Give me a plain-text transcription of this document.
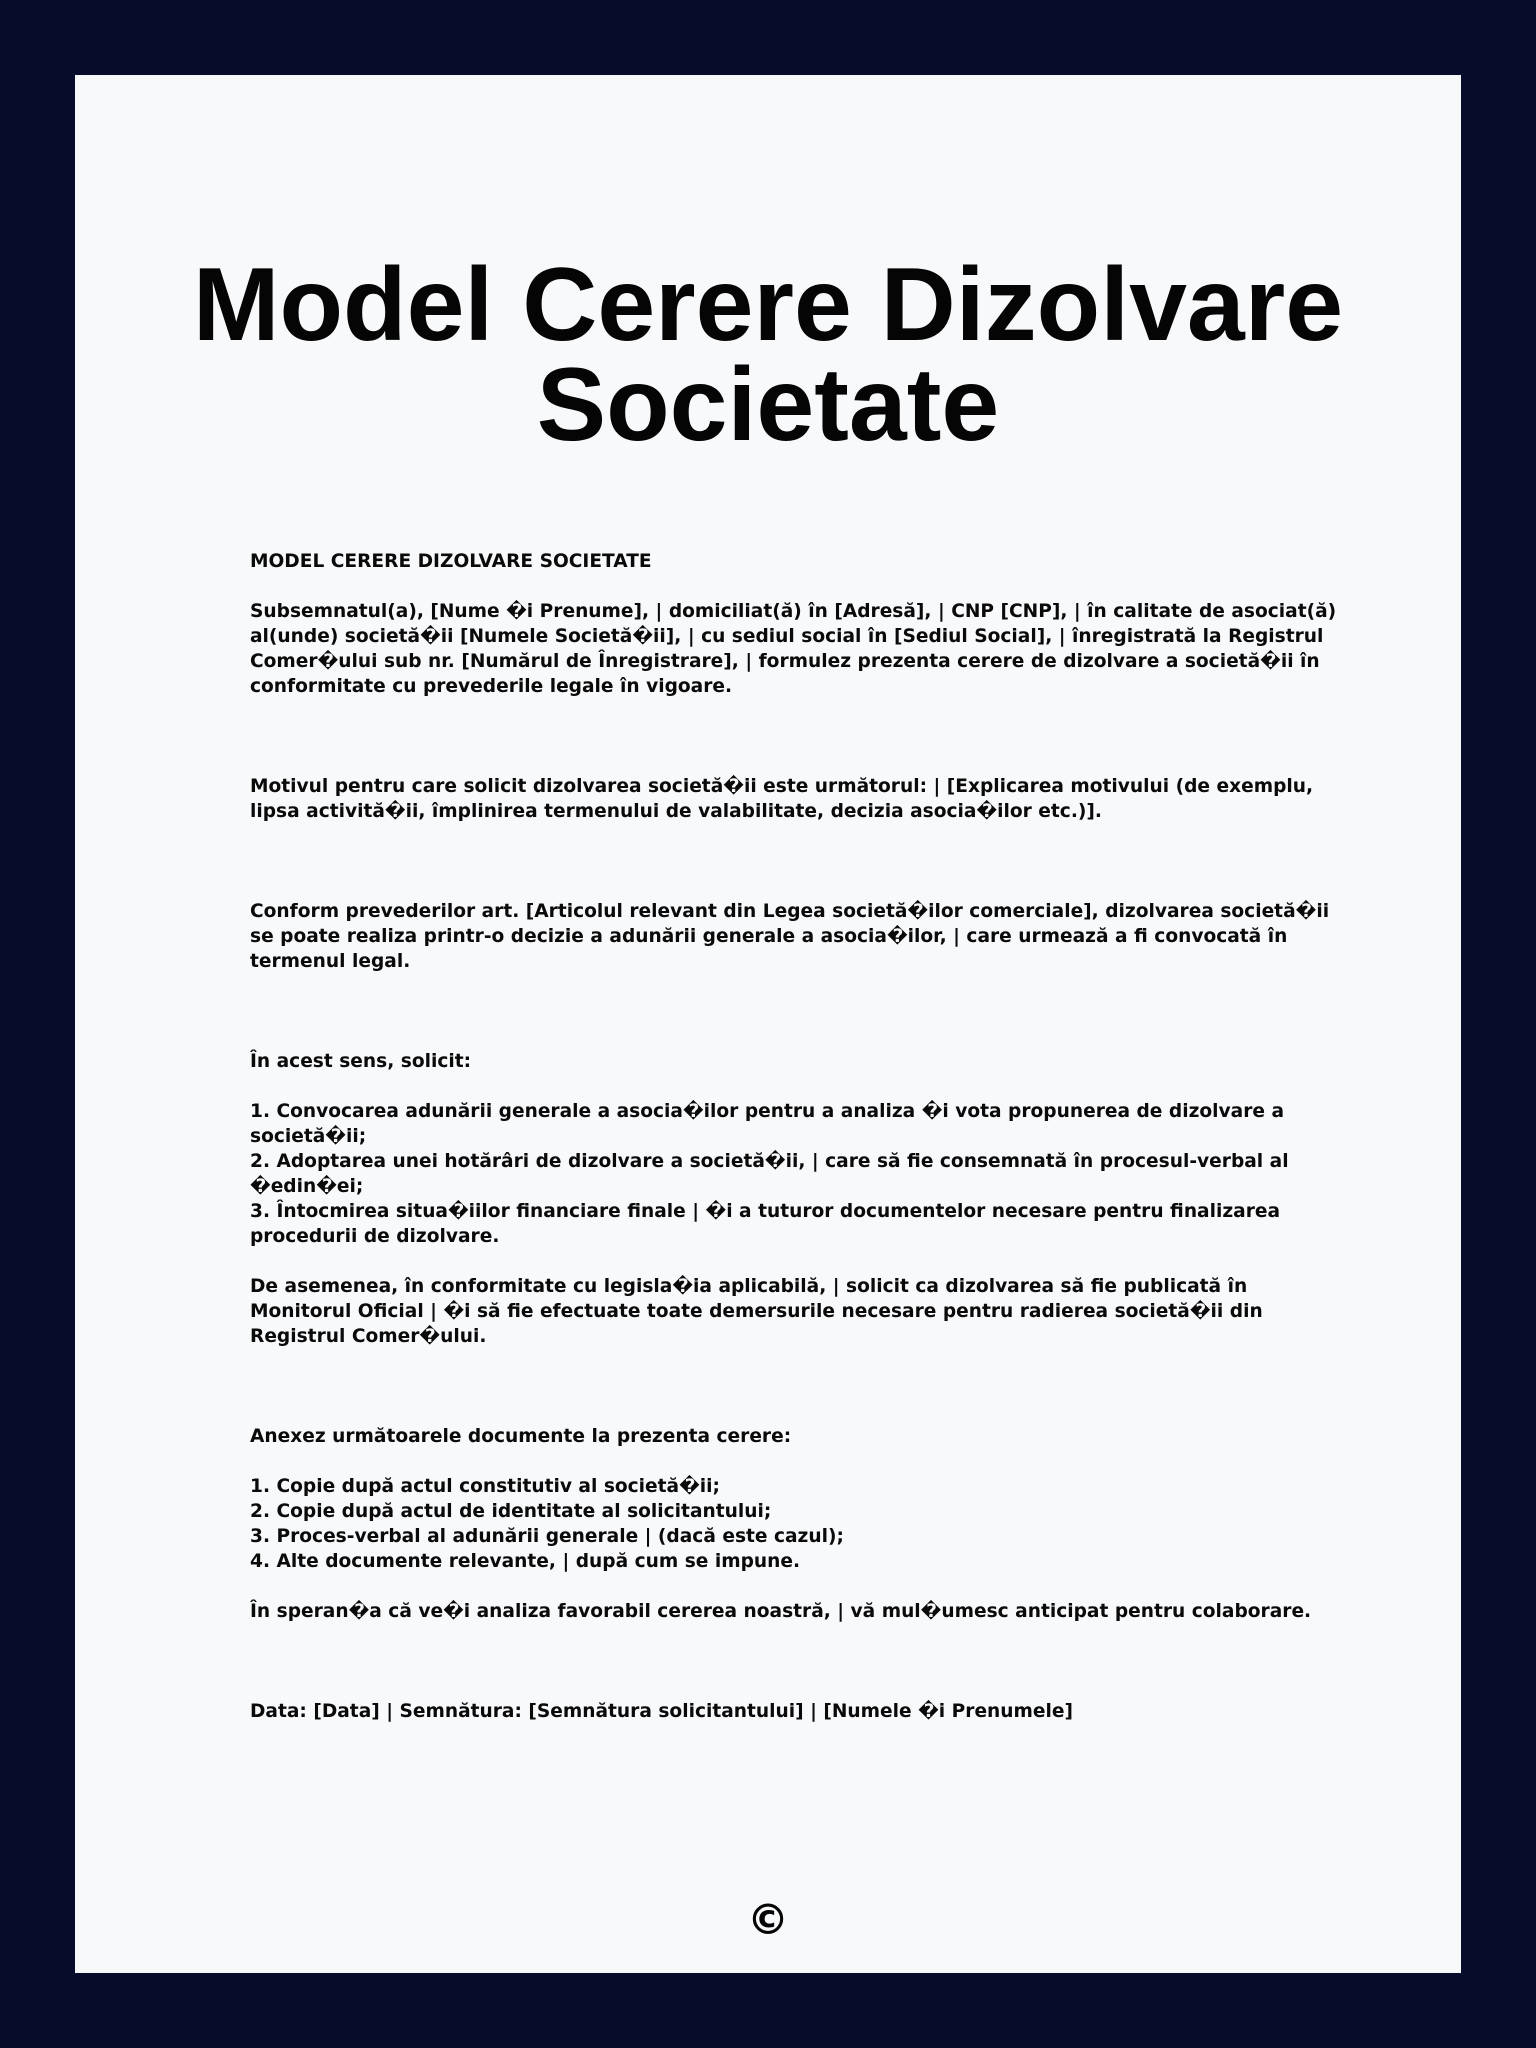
Model Cerere Dizolvare Societate

MODEL CERERE DIZOLVARE SOCIETATE

Subsemnatul(a), [Nume �i Prenume], | domiciliat(ă) în [Adresă], | CNP [CNP], | în calitate de asociat(ă) al(unde) societă�ii [Numele Societă�ii], | cu sediul social în [Sediul Social], | înregistrată la Registrul Comer�ului sub nr. [Numărul de Înregistrare], | formulez prezenta cerere de dizolvare a societă�ii în conformitate cu prevederile legale în vigoare.

Motivul pentru care solicit dizolvarea societă�ii este următorul: | [Explicarea motivului (de exemplu, lipsa activită�ii, împlinirea termenului de valabilitate, decizia asocia�ilor etc.)].

Conform prevederilor art. [Articolul relevant din Legea societă�ilor comerciale], dizolvarea societă�ii se poate realiza printr-o decizie a adunării generale a asocia�ilor, | care urmează a fi convocată în termenul legal.

În acest sens, solicit:

1. Convocarea adunării generale a asocia�ilor pentru a analiza �i vota propunerea de dizolvare a societă�ii;

2. Adoptarea unei hotărâri de dizolvare a societă�ii, | care să fie consemnată în procesul-verbal al �edin�ei;

3. Întocmirea situa�iilor financiare finale | �i a tuturor documentelor necesare pentru finalizarea procedurii de dizolvare.

De asemenea, în conformitate cu legisla�ia aplicabilă, | solicit ca dizolvarea să fie publicată în Monitorul Oficial | �i să fie efectuate toate demersurile necesare pentru radierea societă�ii din Registrul Comer�ului.

Anexez următoarele documente la prezenta cerere:

1. Copie după actul constitutiv al societă�ii;

2. Copie după actul de identitate al solicitantului;

3. Proces-verbal al adunării generale | (dacă este cazul);

4. Alte documente relevante, | după cum se impune.

În speran�a că ve�i analiza favorabil cererea noastră, | vă mul�umesc anticipat pentru colaborare.

Data: [Data] | Semnătura: [Semnătura solicitantului] | [Numele �i Prenumele]

©
